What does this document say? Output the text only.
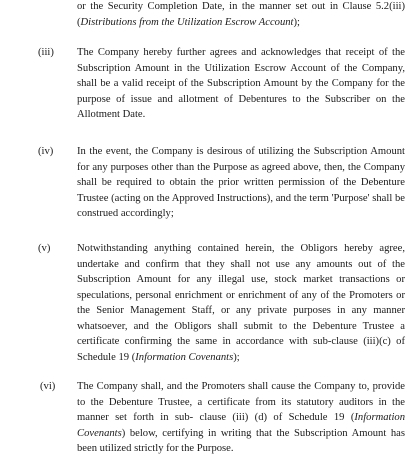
or the Security Completion Date, in the manner set out in Clause 5.2(iii) (Distributions from the Utilization Escrow Account);
(iii) The Company hereby further agrees and acknowledges that receipt of the Subscription Amount in the Utilization Escrow Account of the Company, shall be a valid receipt of the Subscription Amount by the Company for the purpose of issue and allotment of Debentures to the Subscriber on the Allotment Date.
(iv) In the event, the Company is desirous of utilizing the Subscription Amount for any purposes other than the Purpose as agreed above, then, the Company shall be required to obtain the prior written permission of the Debenture Trustee (acting on the Approved Instructions), and the term 'Purpose' shall be construed accordingly;
(v)	Notwithstanding anything contained herein, the Obligors hereby agree, undertake and confirm that they shall not use any amounts out of the Subscription Amount for any illegal use, stock market transactions or speculations, personal enrichment or enrichment of any of the Promoters or the Senior Management Staff, or any private purposes in any manner whatsoever, and the Obligors shall submit to the Debenture Trustee a certificate confirming the same in accordance with sub-clause (iii)(c) of Schedule 19 (Information Covenants);
(vi) The Company shall, and the Promoters shall cause the Company to, provide to the Debenture Trustee, a certificate from its statutory auditors in the manner set forth in sub- clause (iii) (d) of Schedule 19 (Information Covenants) below, certifying in writing that the Subscription Amount has been utilized strictly for the Purpose.
